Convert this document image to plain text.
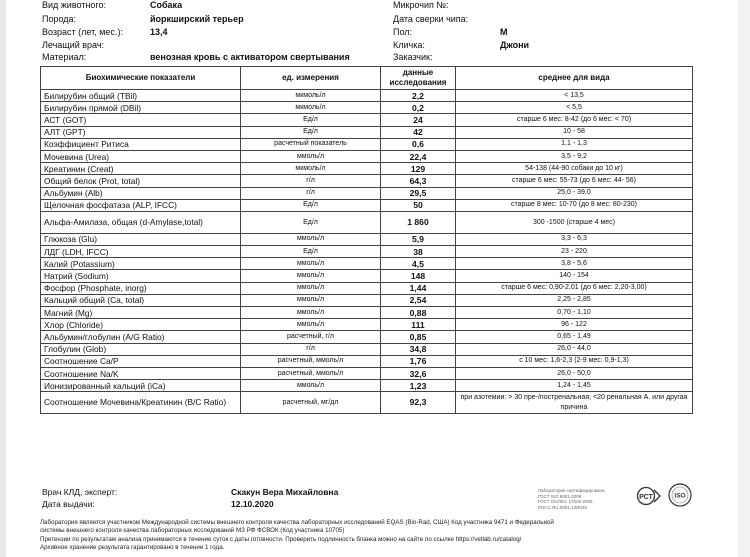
Вид животного:	Собака
Порода:	йоркширский терьер
Возраст (лет, мес.):	13,4
Лечащий врач:
Материал:	венозная кровь с активатором свертывания
Микрочип №:
Дата сверки чипа:
Пол:	М
Кличка:	Джони
Заказчик:
Биохимические показатели	ед. измерения	данные исследования	среднее для вида
Билирубин общий (TBil)	мкмоль/л	2,2	< 13,5
Билирубин прямой (DBil)	мкмоль/л	0,2	< 5,5
АСТ (GOT)	Ед/л	24	старше 6 мес: 8-42 (до 6 мес: < 70)
АЛТ (GPT)	Ед/л	42	10 - 58
Коэффициент Ритиса	расчетный показатель	0,6	1,1 - 1,3
Мочевина (Urea)	ммоль/л	22,4	3,5 - 9,2
Креатинин (Creat)	мкмоль/л	129	54-138 (44-90 собаки до 10 кг)
Общий белок (Prot, total)	г/л	64,3	старше 6 мес: 55-73 (до 6 мес: 44- 56)
Альбумин (Alb)	г/л	29,5	25,0 - 39,0
Щелочная фосфатаза (ALP, IFCC)	Ед/л	50	старше 8 мес: 10-70 (до 8 мес: 80-230)
Альфа-Амилаза, общая (d-Amylase,total)	Ед/л	1 860	300 -1500 (старше 4 мес)
Глюкоза (Glu)	ммоль/л	5,9	3,3 - 6,3
ЛДГ (LDH, IFCC)	Ед/л	38	23 - 220
Калий (Potassium)	ммоль/л	4,5	3,8 - 5,6
Натрий (Sodium)	ммоль/л	148	140 - 154
Фосфор (Phosphate, inorg)	ммоль/л	1,44	старше 6 мес: 0,90-2,01 (до 6 мес: 2,20-3,00)
Кальций общий (Ca, total)	ммоль/л	2,54	2,25 - 2,85
Магний (Mg)	ммоль/л	0,88	0,70 - 1,10
Хлор (Chloride)	ммоль/л	111	96 - 122
Альбумин/глобулин (A/G Ratio)	расчетный, г/л	0,85	0,65 - 1,49
Глобулин (Glob)	г/л	34,8	26,0 - 44,0
Соотношение Ca/P	расчетный, ммоль/л	1,76	с 10 мес: 1,6-2,3 (2-9 мес: 0,9-1,3)
Соотношение Na/K	расчетный, ммоль/л	32,6	26,0 - 50,0
Ионизированный кальций (iCa)	ммоль/л	1,23	1,24 - 1,45
Соотношение Мочевина/Креатинин (B/C Ratio)	расчетный, мг/дл	92,3	при азотемии: > 30 пре-/постренальная; <20 ренальная А. или другая причина
Врач КЛД, эксперт:	Скакун Вера Михайловна
Дата выдачи:	12.10.2020
Лаборатория сертифицирована
ГОСТ ISO 9001-2008
ГОСТ ISO/IEC 17025-2009
РОСС RU.0001.13ИК25
РСТ	ISO
Лаборатория является участником Международной системы внешнего контроля качества лабораторных исследований EQAS (Bio-Rad, США) Код участника 9471 и Федеральной
системы внешнего контроля качества лабораторных исследований МЗ РФ ФСВОК (Код участника 10705)
Претензии по результатам анализа принимаются в течение суток с даты готовности. Проверить подлинность бланка можно на сайте по ссылке https://vetlab.ru/catalog/
Архивное хранение результата гарантировано в течение 1 года.
